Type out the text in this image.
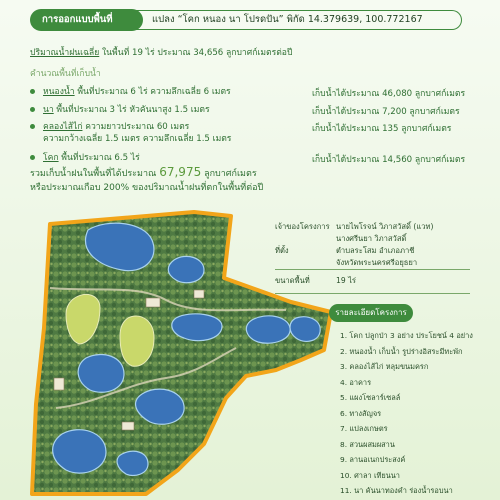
แปลง “โคก หนอง นา โปรดปัน” พิกัด 14.379639, 100.772167
การออกแบบพื้นที่
ปริมาณน้ำฝนเฉลี่ย ในพื้นที่ 19 ไร่ ประมาณ 34,656 ลูกบาศก์เมตรต่อปี
คำนวณพื้นที่เก็บน้ำ
หนองน้ำ พื้นที่ประมาณ 6 ไร่ ความลึกเฉลี่ย 6 เมตร	เก็บน้ำได้ประมาณ 46,080 ลูกบาศก์เมตร
นา พื้นที่ประมาณ 3 ไร่ หัวคันนาสูง 1.5 เมตร	เก็บน้ำได้ประมาณ 7,200 ลูกบาศก์เมตร
คลองไส้ไก่ ความยาวประมาณ 60 เมตร
ความกว้างเฉลี่ย 1.5 เมตร ความลึกเฉลี่ย 1.5 เมตร
เก็บน้ำได้ประมาณ 135 ลูกบาศก์เมตร
โคก พื้นที่ประมาณ 6.5 ไร่	เก็บน้ำได้ประมาณ 14,560 ลูกบาศก์เมตร
รวมเก็บน้ำฝนในพื้นที่ได้ประมาณ 67,975 ลูกบาศก์เมตร
หรือประมาณเกือบ 200% ของปริมาณน้ำฝนที่ตกในพื้นที่ต่อปี
เจ้าของโครงการ นายไพโรจน์ วิภาสวัสดิ์ (แวท)
นางศรีนยา วิภาสวัสดิ์
ที่ตั้ง	ตำบลระโสม อำเภอภาชี
จังหวัดพระนครศรีอยุธยา
ขนาดพื้นที่	19 ไร่
รายละเอียดโครงการ
1. โคก ปลูกป่า 3 อย่าง ประโยชน์ 4 อย่าง
2. หนองน้ำ เก็บน้ำ รูปร่างอิสระมีทะพัก
3. คลองไส้ไก่ หลุมขนมครก
4. อาคาร
5. แผงโซลาร์เซลล์
6. ทางสัญจร
7. แปลงเกษตร
8. สวนผสมผสาน
9. ลานอเนกประสงค์
10. ศาลา เทียนนา
11. นา คันนาทองคำ ร่องน้ำรอบนา
